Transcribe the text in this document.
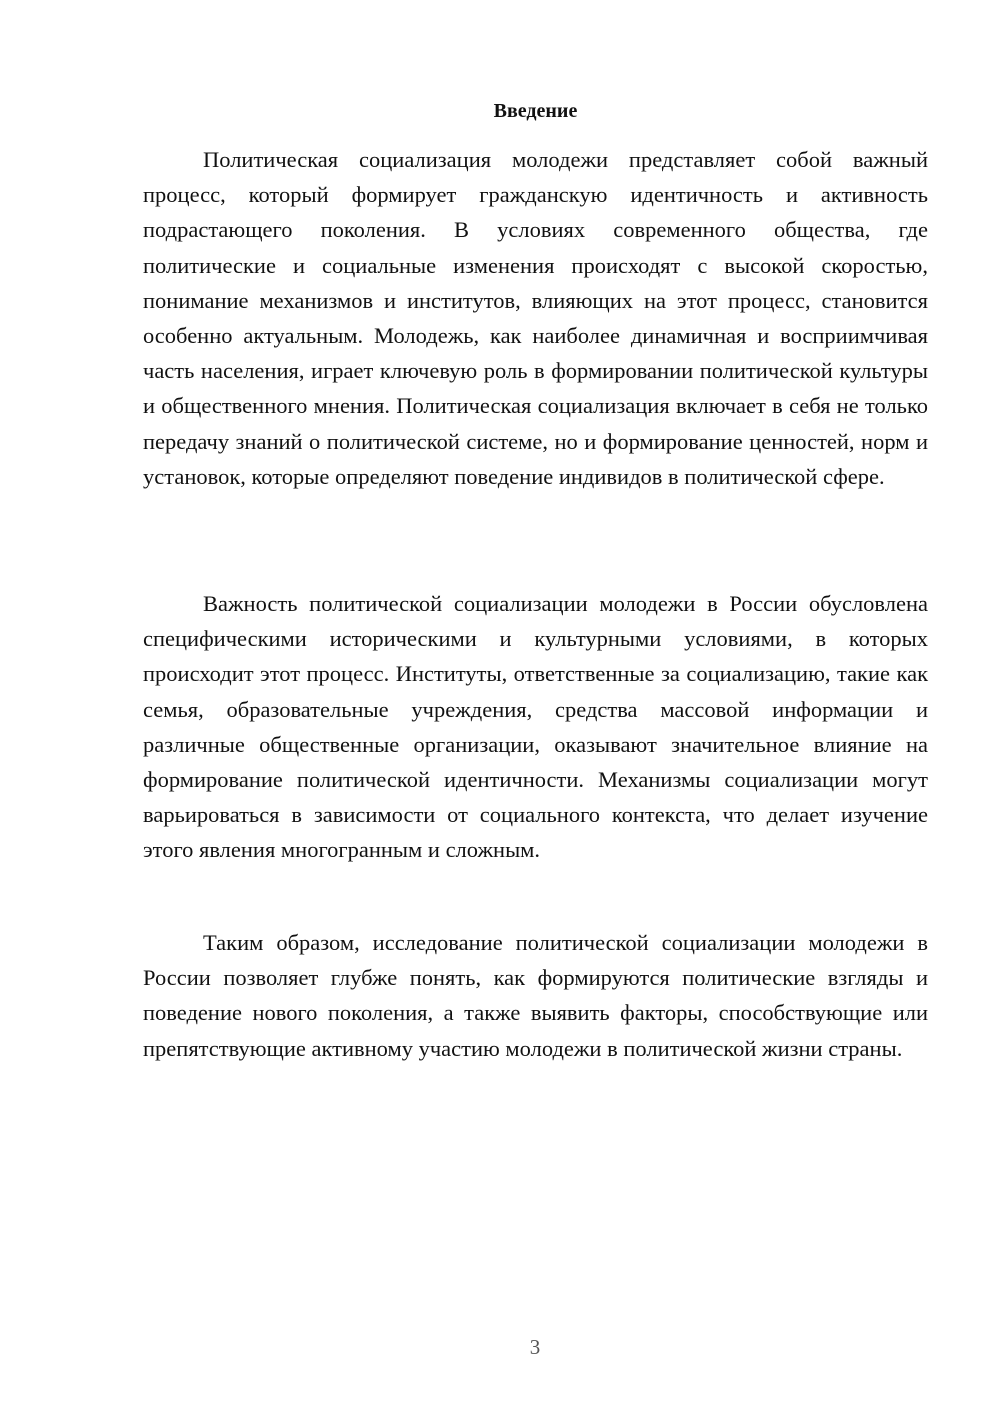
Введение

Политическая социализация молодежи представляет собой важный процесс, который формирует гражданскую идентичность и активность подрастающего поколения. В условиях современного общества, где политические и социальные изменения происходят с высокой скоростью, понимание механизмов и институтов, влияющих на этот процесс, становится особенно актуальным. Молодежь, как наиболее динамичная и восприимчивая часть населения, играет ключевую роль в формировании политической культуры и общественного мнения. Политическая социализация включает в себя не только передачу знаний о политической системе, но и формирование ценностей, норм и установок, которые определяют поведение индивидов в политической сфере.

Важность политической социализации молодежи в России обусловлена специфическими историческими и культурными условиями, в которых происходит этот процесс. Институты, ответственные за социализацию, такие как семья, образовательные учреждения, средства массовой информации и различные общественные организации, оказывают значительное влияние на формирование политической идентичности. Механизмы социализации могут варьироваться в зависимости от социального контекста, что делает изучение этого явления многогранным и сложным.

Таким образом, исследование политической социализации молодежи в России позволяет глубже понять, как формируются политические взгляды и поведение нового поколения, а также выявить факторы, способствующие или препятствующие активному участию молодежи в политической жизни страны.

3
